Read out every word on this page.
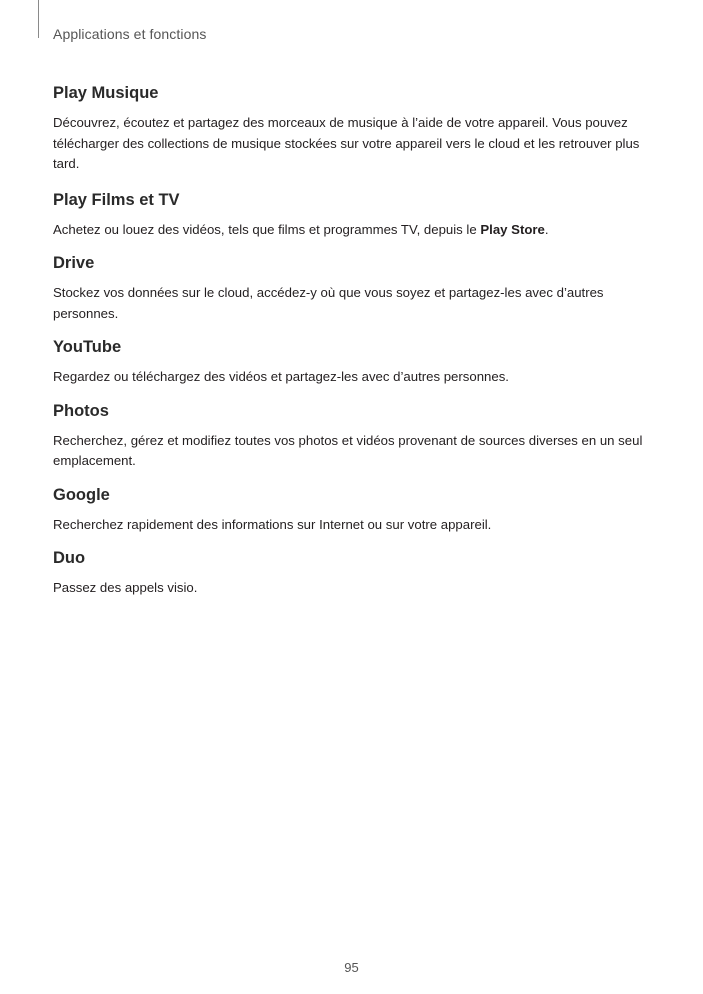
Applications et fonctions
Play Musique

Découvrez, écoutez et partagez des morceaux de musique à l’aide de votre appareil. Vous pouvez télécharger des collections de musique stockées sur votre appareil vers le cloud et les retrouver plus tard.

Play Films et TV

Achetez ou louez des vidéos, tels que films et programmes TV, depuis le Play Store.

Drive

Stockez vos données sur le cloud, accédez-y où que vous soyez et partagez-les avec d’autres personnes.

YouTube

Regardez ou téléchargez des vidéos et partagez-les avec d’autres personnes.

Photos

Recherchez, gérez et modifiez toutes vos photos et vidéos provenant de sources diverses en un seul emplacement.

Google

Recherchez rapidement des informations sur Internet ou sur votre appareil.

Duo

Passez des appels visio.

95
